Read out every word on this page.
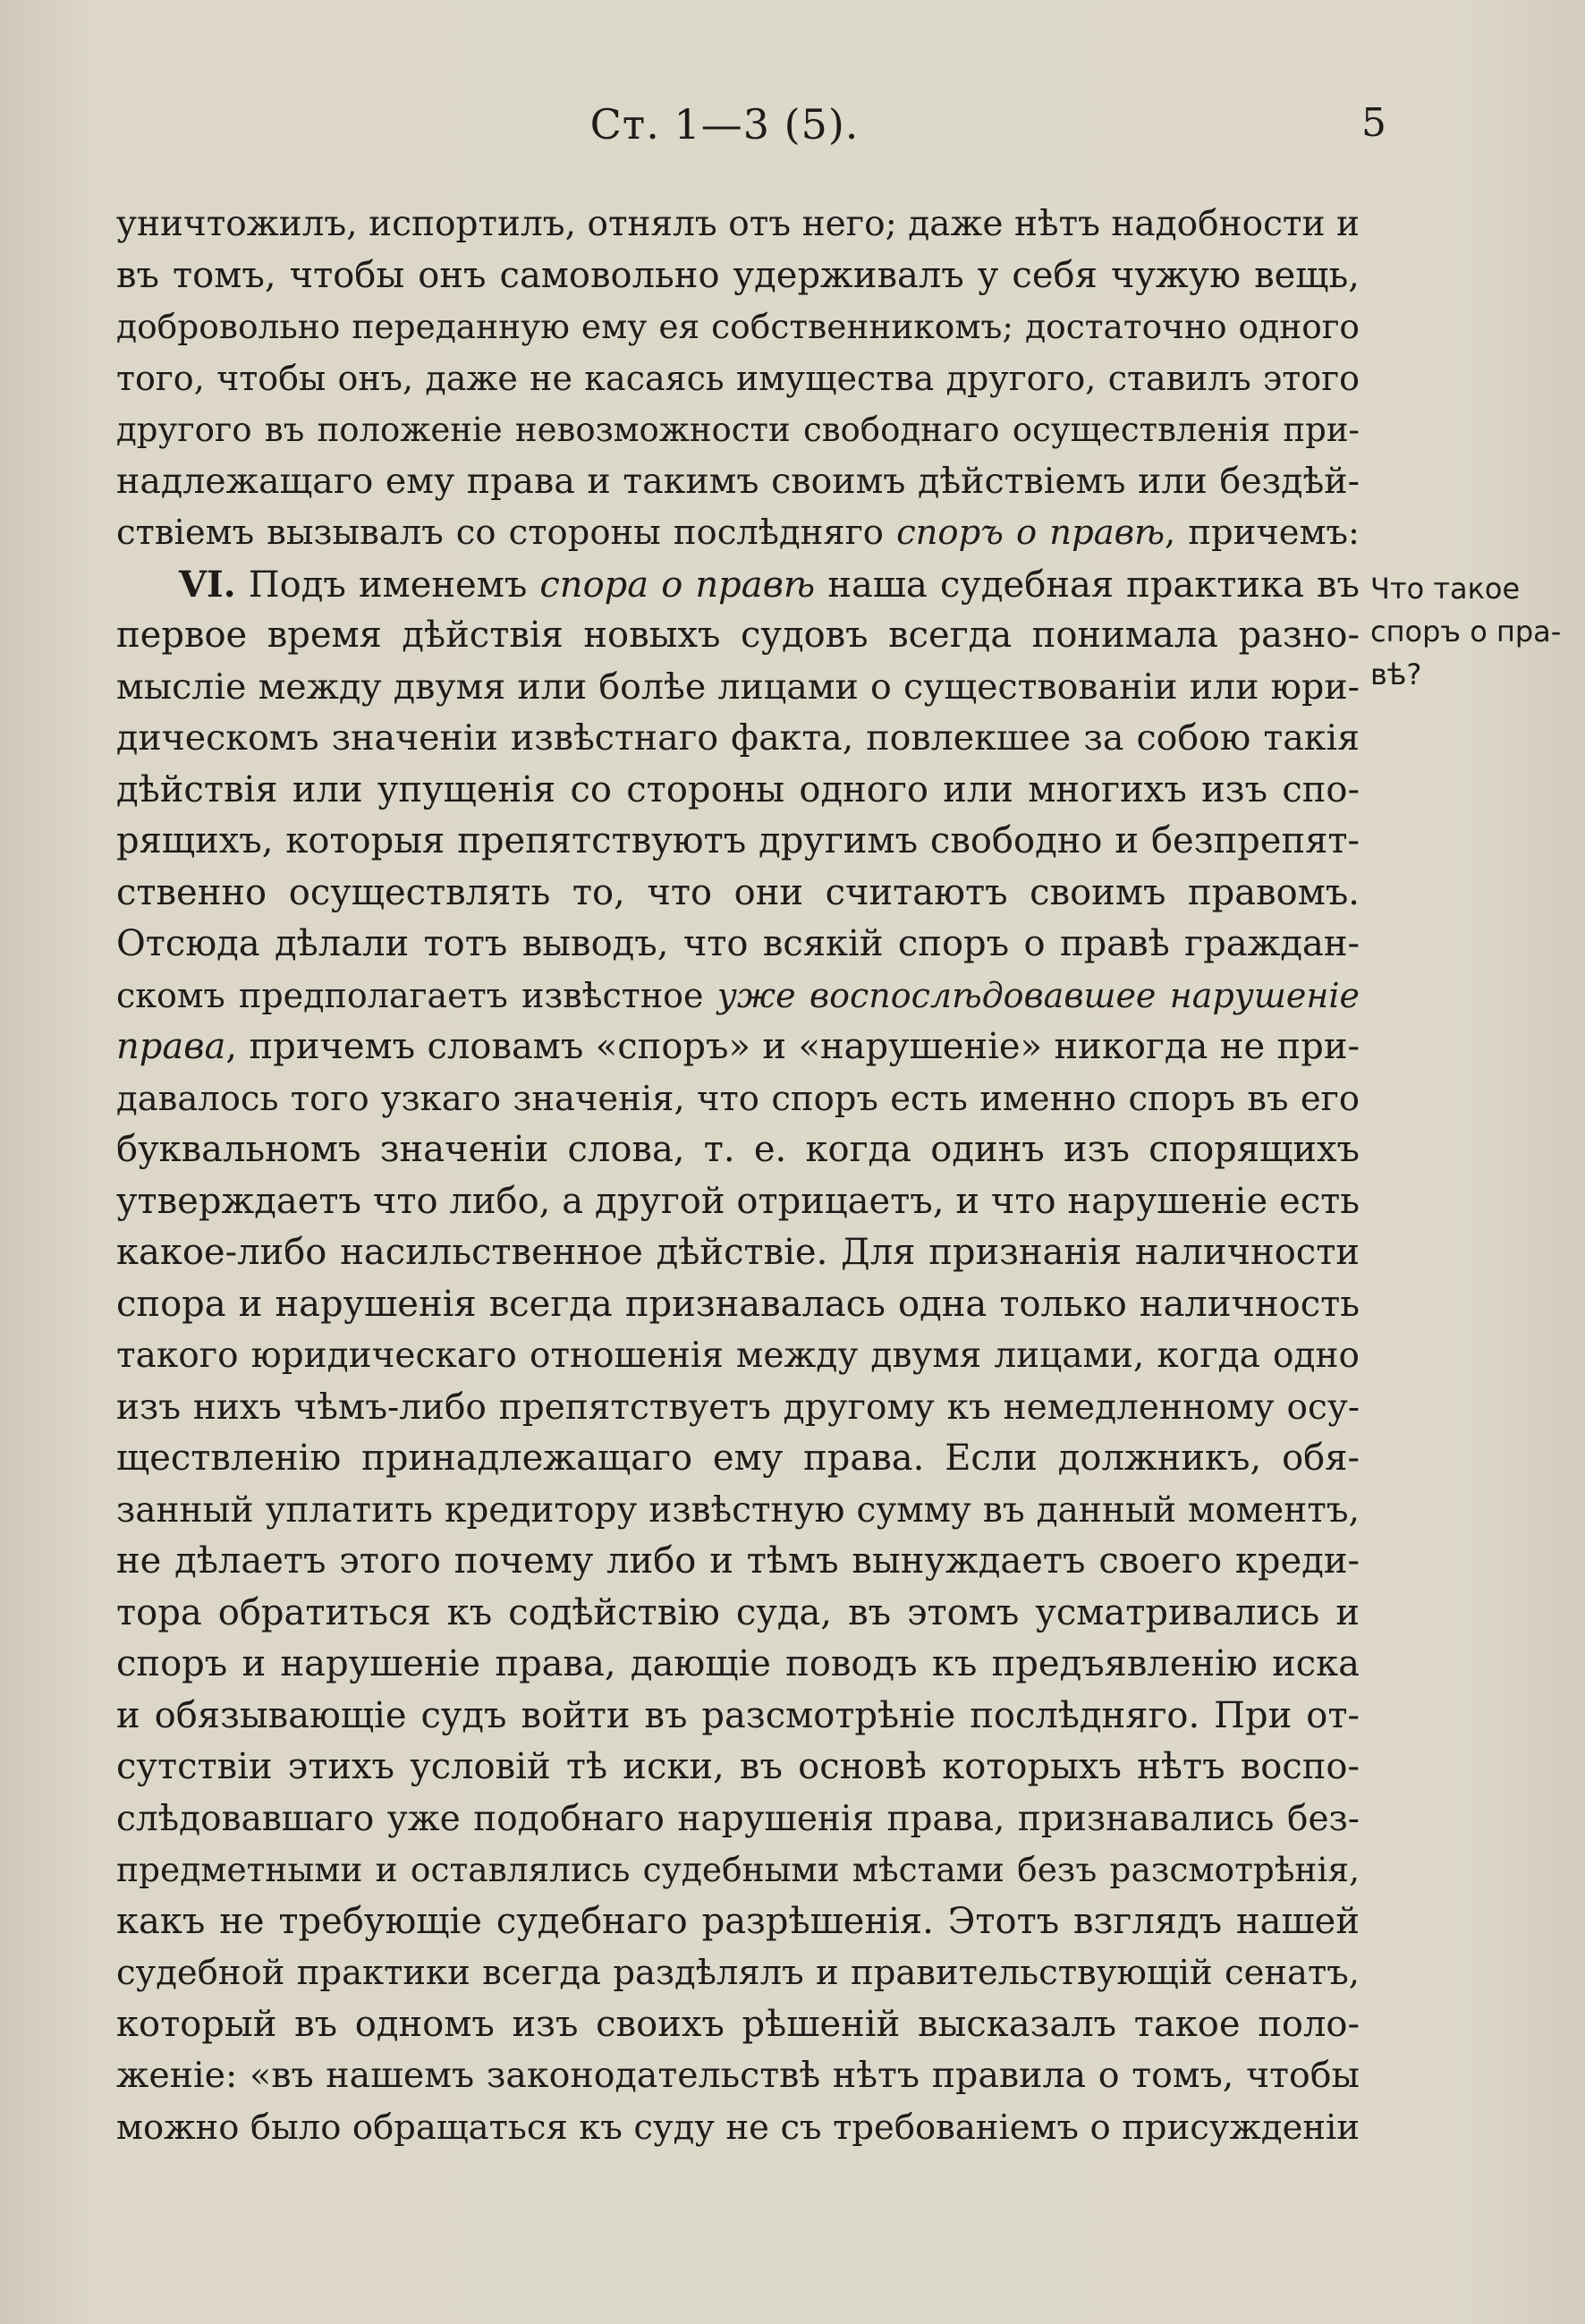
Ст. 1—3 (5).	5
уничтожилъ, испортилъ, отнялъ отъ него; даже нѣтъ надобности и
въ томъ, чтобы онъ самовольно удерживалъ у себя чужую вещь,
добровольно переданную ему ея собственникомъ; достаточно одного
того, чтобы онъ, даже не касаясь имущества другого, ставилъ этого
другого въ положеніе невозможности свободнаго осуществленія при-
надлежащаго ему права и такимъ своимъ дѣйствіемъ или бездѣй-
ствіемъ вызывалъ со стороны послѣдняго споръ о правѣ, причемъ:
VI. Подъ именемъ спора о правѣ наша судебная практика въ
первое время дѣйствія новыхъ судовъ всегда понимала разно-
мысліе между двумя или болѣе лицами о существованіи или юри-
дическомъ значеніи извѣстнаго факта, повлекшее за собою такія
дѣйствія или упущенія со стороны одного или многихъ изъ спо-
рящихъ, которыя препятствуютъ другимъ свободно и безпрепят-
ственно осуществлять то, что они считаютъ своимъ правомъ.
Отсюда дѣлали тотъ выводъ, что всякій споръ о правѣ граждан-
скомъ предполагаетъ извѣстное уже воспослѣдовавшее нарушеніе
права, причемъ словамъ «споръ» и «нарушеніе» никогда не при-
давалось того узкаго значенія, что споръ есть именно споръ въ его
буквальномъ значеніи слова, т. е. когда одинъ изъ спорящихъ
утверждаетъ что либо, а другой отрицаетъ, и что нарушеніе есть
какое-либо насильственное дѣйствіе. Для признанія наличности
спора и нарушенія всегда признавалась одна только наличность
такого юридическаго отношенія между двумя лицами, когда одно
изъ нихъ чѣмъ-либо препятствуетъ другому къ немедленному осу-
ществленію принадлежащаго ему права. Если должникъ, обя-
занный уплатить кредитору извѣстную сумму въ данный моментъ,
не дѣлаетъ этого почему либо и тѣмъ вынуждаетъ своего креди-
тора обратиться къ содѣйствію суда, въ этомъ усматривались и
споръ и нарушеніе права, дающіе поводъ къ предъявленію иска
и обязывающіе судъ войти въ разсмотрѣніе послѣдняго. При от-
сутствіи этихъ условій тѣ иски, въ основѣ которыхъ нѣтъ воспо-
слѣдовавшаго уже подобнаго нарушенія права, признавались без-
предметными и оставлялись судебными мѣстами безъ разсмотрѣнія,
какъ не требующіе судебнаго разрѣшенія. Этотъ взглядъ нашей
судебной практики всегда раздѣлялъ и правительствующій сенатъ,
который въ одномъ изъ своихъ рѣшеній высказалъ такое поло-
женіе: «въ нашемъ законодательствѣ нѣтъ правила о томъ, чтобы
можно было обращаться къ суду не съ требованіемъ о присужденіи
Что такое
споръ о пра-
вѣ?
